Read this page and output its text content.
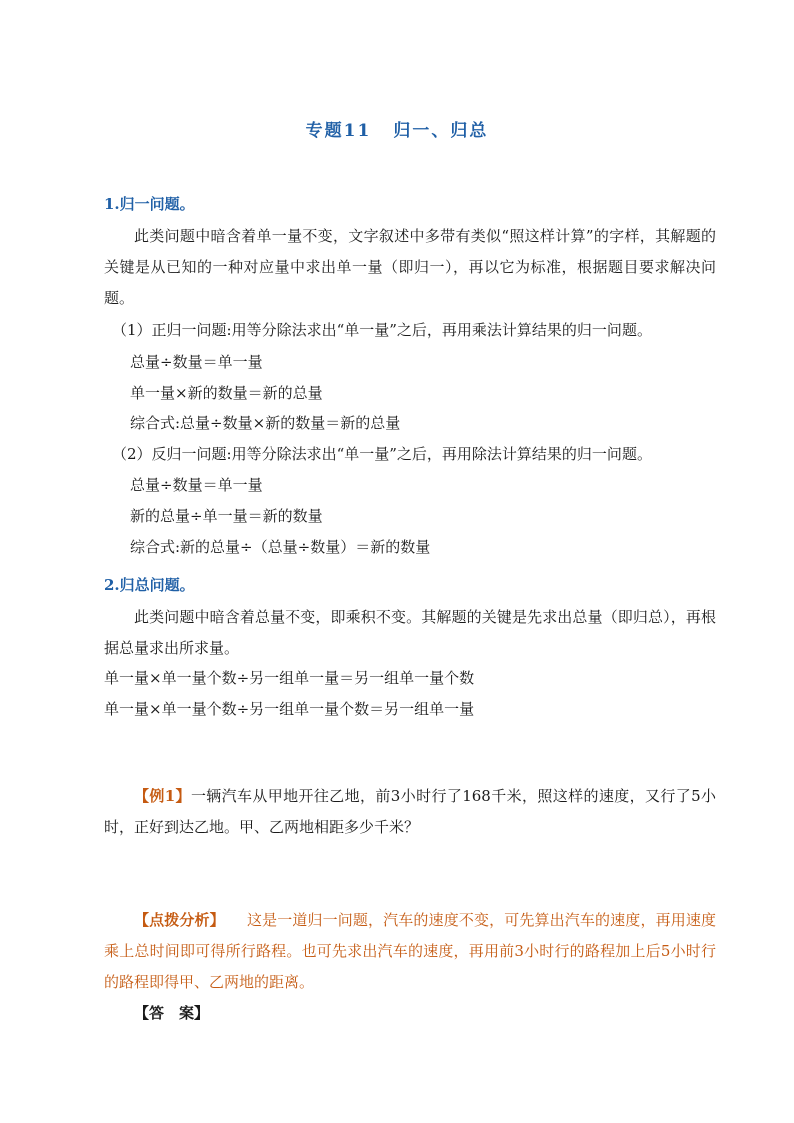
专题11 归一、归总
1.归一问题。
此类问题中暗含着单一量不变，文字叙述中多带有类似“照这样计算”的字样，其解题的关键是从已知的一种对应量中求出单一量（即归一），再以它为标准，根据题目要求解决问题。
（1）正归一问题:用等分除法求出“单一量”之后，再用乘法计算结果的归一问题。
总量÷数量＝单一量
单一量×新的数量＝新的总量
综合式:总量÷数量×新的数量＝新的总量
（2）反归一问题:用等分除法求出“单一量”之后，再用除法计算结果的归一问题。
总量÷数量＝单一量
新的总量÷单一量＝新的数量
综合式:新的总量÷（总量÷数量）＝新的数量
2.归总问题。
此类问题中暗含着总量不变，即乘积不变。其解题的关键是先求出总量（即归总），再根据总量求出所求量。
单一量×单一量个数÷另一组单一量＝另一组单一量个数
单一量×单一量个数÷另一组单一量个数＝另一组单一量
【例1】一辆汽车从甲地开往乙地，前3小时行了168千米，照这样的速度，又行了5小时，正好到达乙地。甲、乙两地相距多少千米？
【点拨分析】 这是一道归一问题，汽车的速度不变，可先算出汽车的速度，再用速度乘上总时间即可得所行路程。也可先求出汽车的速度，再用前3小时行的路程加上后5小时行的路程即得甲、乙两地的距离。
【答　案】
